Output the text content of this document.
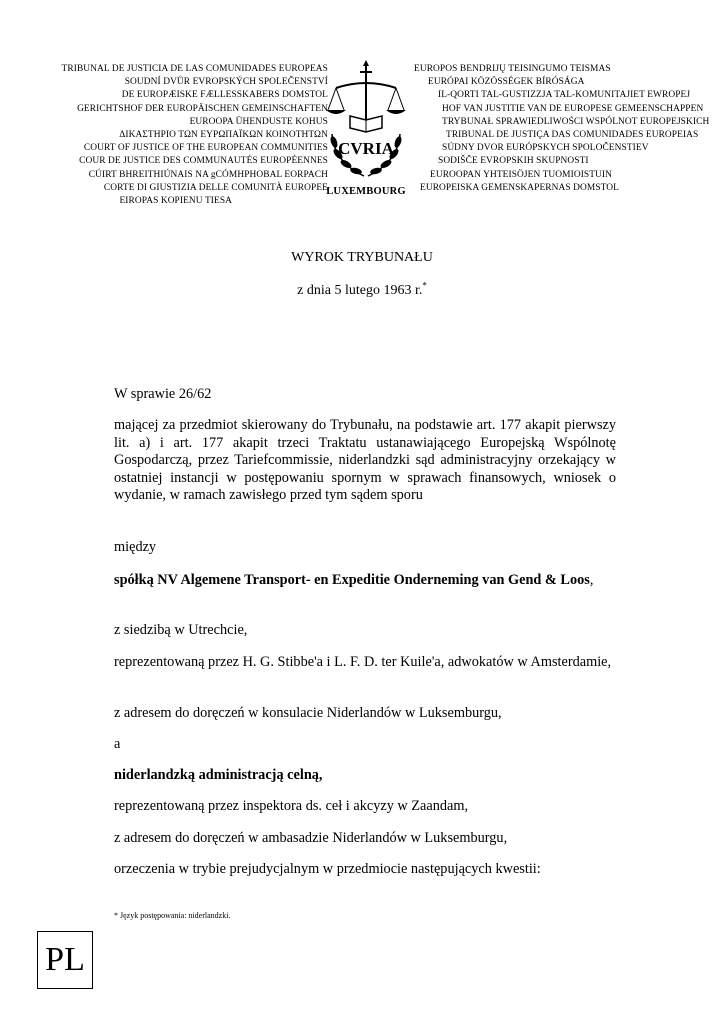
TRIBUNAL DE JUSTICIA DE LAS COMUNIDADES EUROPEAS
SOUDNÍ DVŮR EVROPSKÝCH SPOLEČENSTVÍ
DE EUROPÆISKE FÆLLESSKABERS DOMSTOL
GERICHTSHOF DER EUROPÄISCHEN GEMEINSCHAFTEN
EUROOPA ÜHENDUSTE KOHUS
ΔΙΚΑΣΤΗΡΙΟ ΤΩΝ ΕΥΡΩΠΑΪΚΩΝ ΚΟΙΝΟΤΗΤΩΝ
COURT OF JUSTICE OF THE EUROPEAN COMMUNITIES
COUR DE JUSTICE DES COMMUNAUTÉS EUROPÉENNES
CÚIRT BHREITHIÚNAIS NA gCÓMHPHOBAL EORPACH
CORTE DI GIUSTIZIA DELLE COMUNITÀ EUROPEE
EIROPAS KOPIENU TIESA
CVRIA
LUXEMBOURG
EUROPOS BENDRIJŲ TEISINGUMO TEISMAS
EURÓPAI KÖZÖSSÉGEK BÍRÓSÁGA
IL-QORTI TAL-GUSTIZZJA TAL-KOMUNITAJIET EWROPEJ
HOF VAN JUSTITIE VAN DE EUROPESE GEMEENSCHAPPEN
TRYBUNAŁ SPRAWIEDLIWOŚCI WSPÓLNOT EUROPEJSKICH
TRIBUNAL DE JUSTIÇA DAS COMUNIDADES EUROPEIAS
SÚDNY DVOR EURÓPSKYCH SPOLOČENSTIEV
SODIŠČE EVROPSKIH SKUPNOSTI
EUROOPAN YHTEISÖJEN TUOMIOISTUIN
EUROPEISKA GEMENSKAPERNAS DOMSTOL
WYROK TRYBUNAŁU
z dnia 5 lutego 1963 r.*

W sprawie 26/62

mającej za przedmiot skierowany do Trybunału, na podstawie art. 177 akapit pierwszy lit. a) i art. 177 akapit trzeci Traktatu ustanawiającego Europejską Wspólnotę Gospodarczą, przez Tariefcommissie, niderlandzki sąd administracyjny orzekający w ostatniej instancji w postępowaniu spornym w sprawach finansowych, wniosek o wydanie, w ramach zawisłego przed tym sądem sporu

między

spółką NV Algemene Transport- en Expeditie Onderneming van Gend & Loos,

z siedzibą w Utrechcie,

reprezentowaną przez H. G. Stibbe'a i L. F. D. ter Kuile'a, adwokatów w Amsterdamie,

z adresem do doręczeń w konsulacie Niderlandów w Luksemburgu,

a

niderlandzką administracją celną,

reprezentowaną przez inspektora ds. ceł i akcyzy w Zaandam,

z adresem do doręczeń w ambasadzie Niderlandów w Luksemburgu,

orzeczenia w trybie prejudycjalnym w przedmiocie następujących kwestii:

* Język postępowania: niderlandzki.
PL
